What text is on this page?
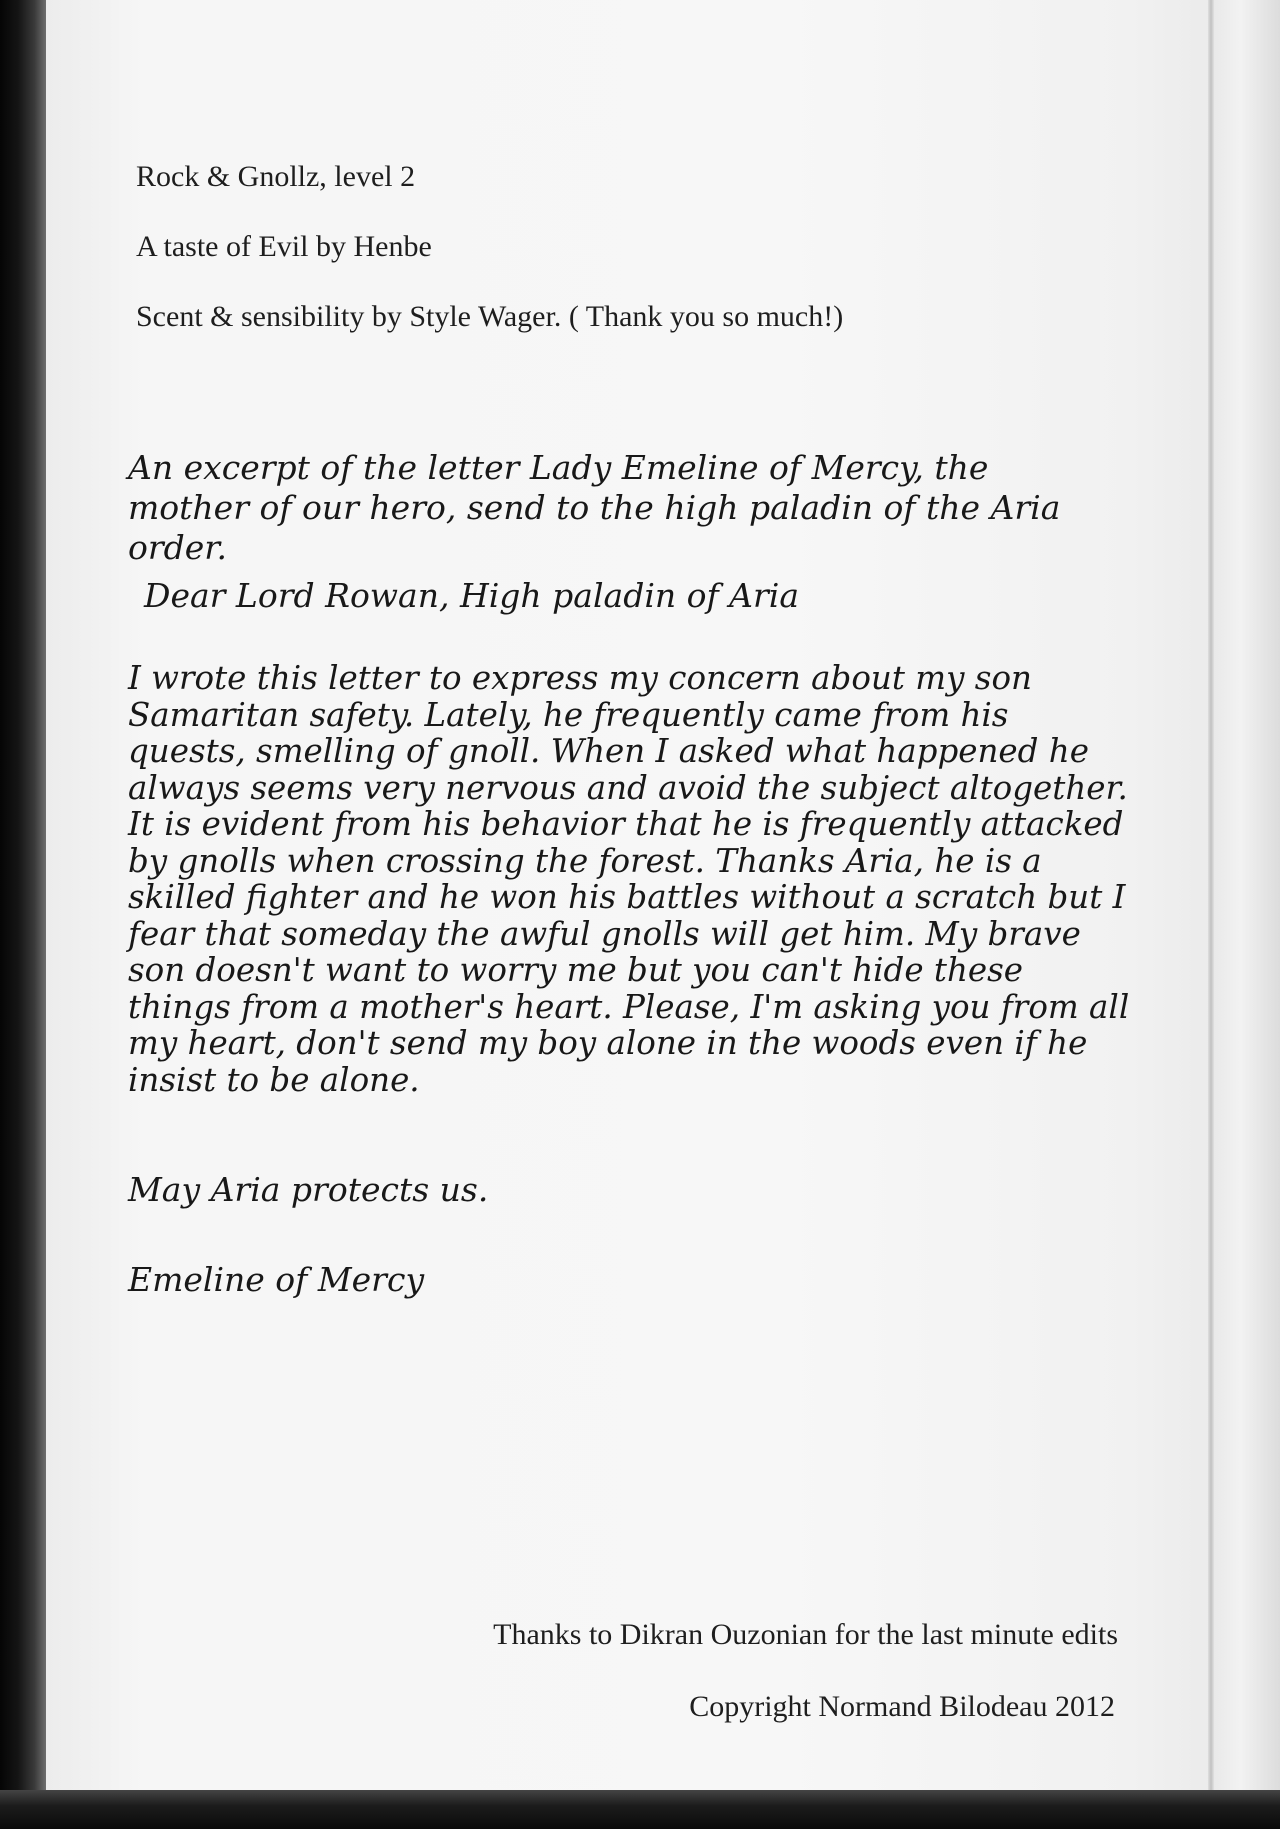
Rock & Gnollz, level 2
A taste of Evil by Henbe
Scent & sensibility by Style Wager. ( Thank you so much!)
An excerpt of the letter Lady Emeline of Mercy, the mother of our hero, send to the high paladin of the Aria order.
Dear Lord Rowan, High paladin of Aria
I wrote this letter to express my concern about my son Samaritan safety. Lately, he frequently came from his quests, smelling of gnoll. When I asked what happened he always seems very nervous and avoid the subject altogether. It is evident from his behavior that he is frequently attacked by gnolls when crossing the forest. Thanks Aria, he is a skilled fighter and he won his battles without a scratch but I fear that someday the awful gnolls will get him. My brave son doesn't want to worry me but you can't hide these things from a mother's heart. Please, I'm asking you from all my heart, don't send my boy alone in the woods even if he insist to be alone.
May Aria protects us.
Emeline of Mercy
Thanks to Dikran Ouzonian for the last minute edits
Copyright Normand Bilodeau 2012
